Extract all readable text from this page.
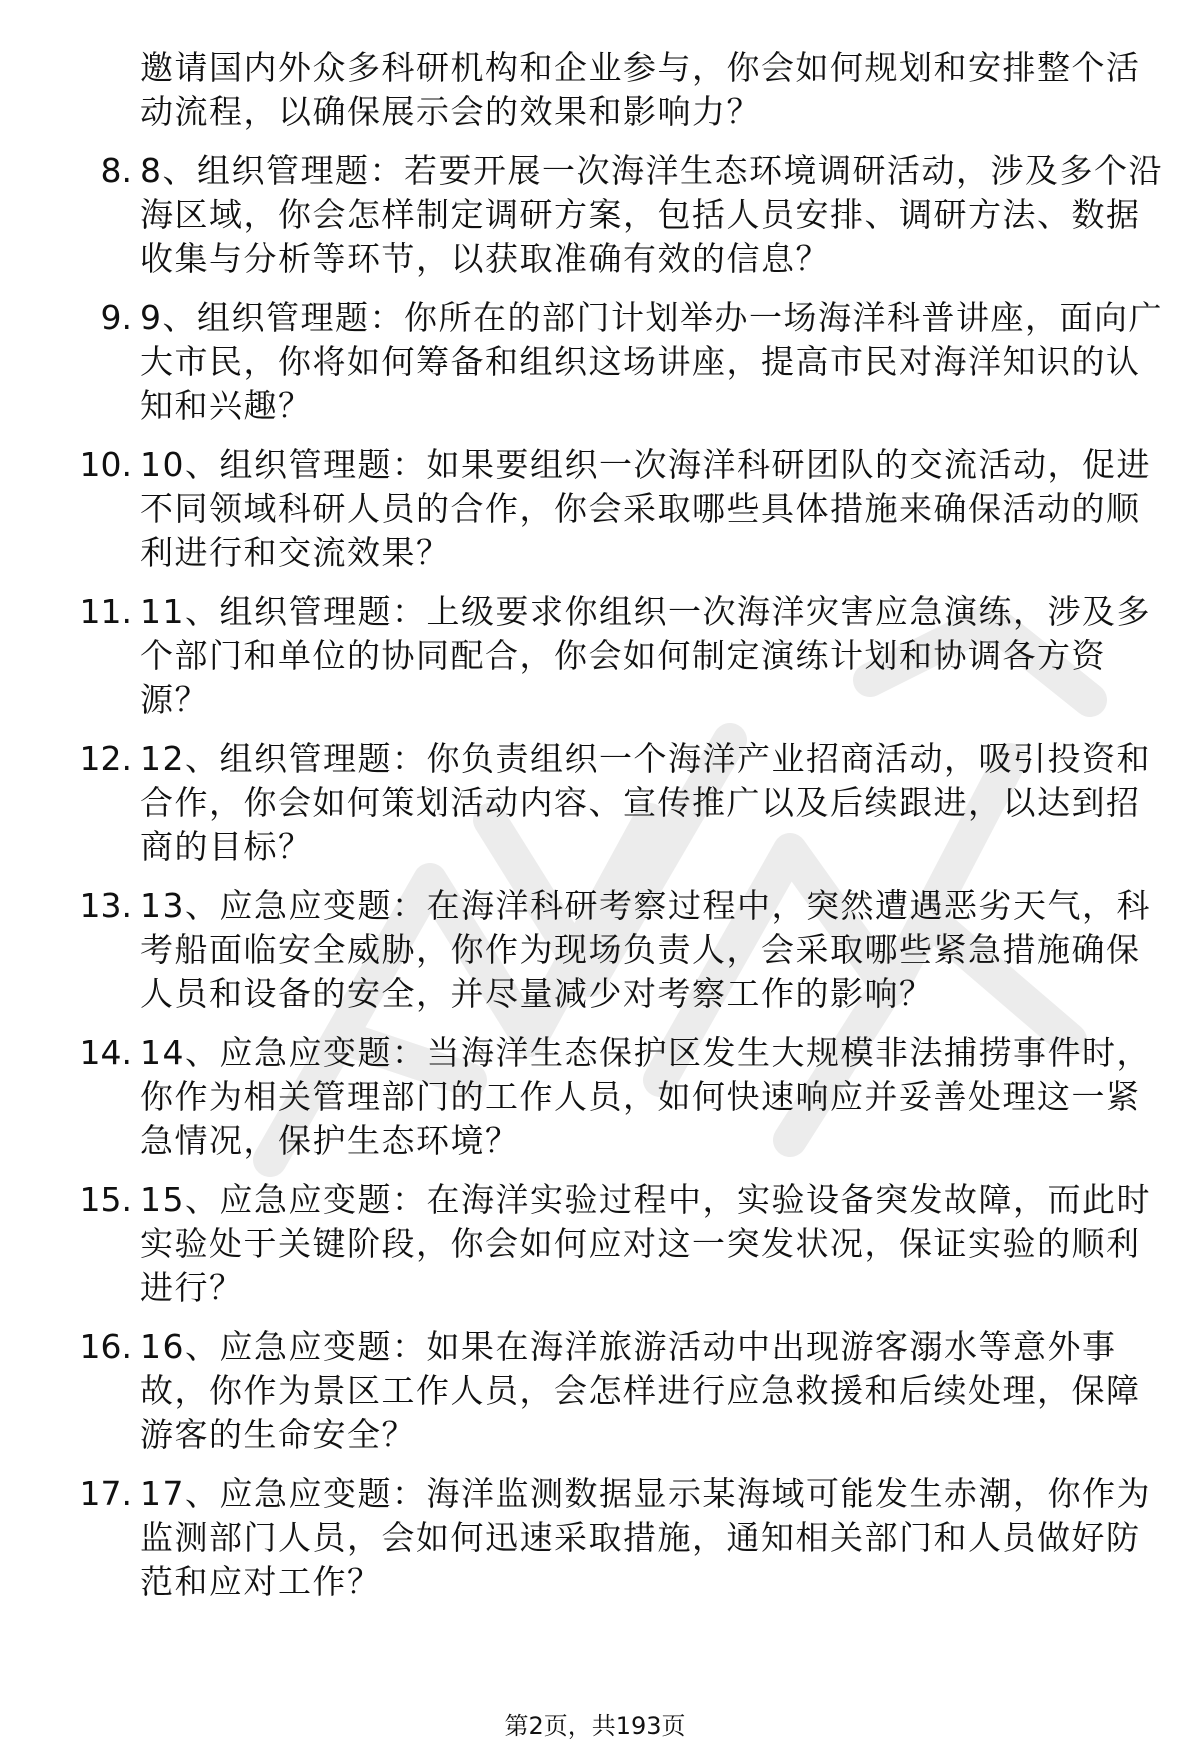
邀请国内外众多科研机构和企业参与，你会如何规划和安排整个活动流程，以确保展示会的效果和影响力？
8. 8、组织管理题：若要开展一次海洋生态环境调研活动，涉及多个沿海区域，你会怎样制定调研方案，包括人员安排、调研方法、数据收集与分析等环节，以获取准确有效的信息？
9. 9、组织管理题：你所在的部门计划举办一场海洋科普讲座，面向广大市民，你将如何筹备和组织这场讲座，提高市民对海洋知识的认知和兴趣？
10. 10、组织管理题：如果要组织一次海洋科研团队的交流活动，促进不同领域科研人员的合作，你会采取哪些具体措施来确保活动的顺利进行和交流效果？
11. 11、组织管理题：上级要求你组织一次海洋灾害应急演练，涉及多个部门和单位的协同配合，你会如何制定演练计划和协调各方资源？
12. 12、组织管理题：你负责组织一个海洋产业招商活动，吸引投资和合作，你会如何策划活动内容、宣传推广以及后续跟进，以达到招商的目标？
13. 13、应急应变题：在海洋科研考察过程中，突然遭遇恶劣天气，科考船面临安全威胁，你作为现场负责人，会采取哪些紧急措施确保人员和设备的安全，并尽量减少对考察工作的影响？
14. 14、应急应变题：当海洋生态保护区发生大规模非法捕捞事件时，你作为相关管理部门的工作人员，如何快速响应并妥善处理这一紧急情况，保护生态环境？
15. 15、应急应变题：在海洋实验过程中，实验设备突发故障，而此时实验处于关键阶段，你会如何应对这一突发状况，保证实验的顺利进行？
16. 16、应急应变题：如果在海洋旅游活动中出现游客溺水等意外事故，你作为景区工作人员，会怎样进行应急救援和后续处理，保障游客的生命安全？
17. 17、应急应变题：海洋监测数据显示某海域可能发生赤潮，你作为监测部门人员，会如何迅速采取措施，通知相关部门和人员做好防范和应对工作？
第2页，共193页
